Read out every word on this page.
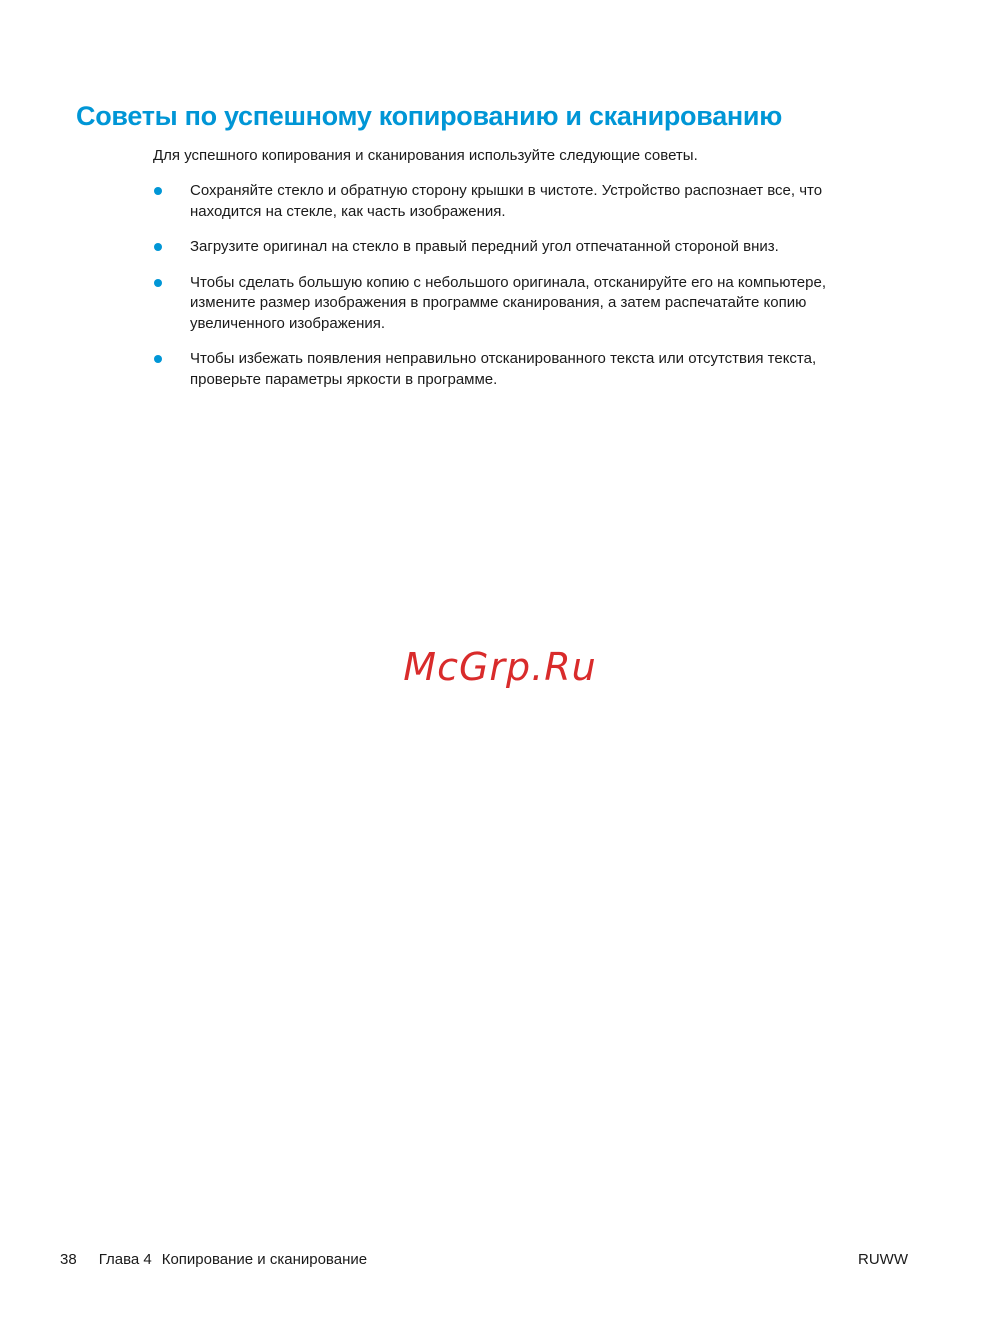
Советы по успешному копированию и сканированию

Для успешного копирования и сканирования используйте следующие советы.

Сохраняйте стекло и обратную сторону крышки в чистоте. Устройство распознает все, что находится на стекле, как часть изображения.
Загрузите оригинал на стекло в правый передний угол отпечатанной стороной вниз.
Чтобы сделать большую копию с небольшого оригинала, отсканируйте его на компьютере, измените размер изображения в программе сканирования, а затем распечатайте копию увеличенного изображения.
Чтобы избежать появления неправильно отсканированного текста или отсутствия текста, проверьте параметры яркости в программе.
McGrp.Ru
38 Глава 4 Копирование и сканирование	RUWW
